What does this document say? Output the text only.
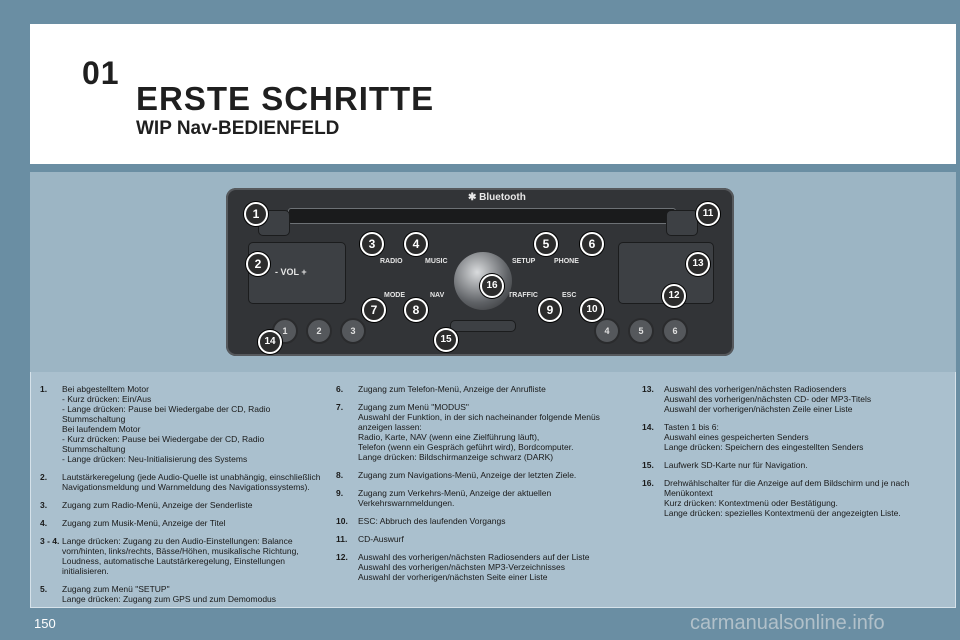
01
ERSTE SCHRITTE
WIP Nav-BEDIENFELD
✱ Bluetooth
- VOL +
RADIO	MUSIC	SETUP	PHONE
MODE	NAV	TRAFFIC	ESC
1	2	3	4	5	6
1
2
3	4	5	6
7	8	9	10
11
12
13
14	15
16
1.	Bei abgestelltem Motor
- Kurz drücken: Ein/Aus
- Lange drücken: Pause bei Wiedergabe der CD, Radio Stummschaltung
Bei laufendem Motor
- Kurz drücken: Pause bei Wiedergabe der CD, Radio Stummschaltung
- Lange drücken: Neu-Initialisierung des Systems
2.	Lautstärkeregelung (jede Audio-Quelle ist unabhängig, einschließlich Navigationsmeldung und Warnmeldung des Navigationssystems).
3.	Zugang zum Radio-Menü, Anzeige der Senderliste
4.	Zugang zum Musik-Menü, Anzeige der Titel
3 - 4. Lange drücken: Zugang zu den Audio-Einstellungen: Balance vorn/hinten, links/rechts, Bässe/Höhen, musikalische Richtung, Loudness, automatische Lautstärkeregelung, Einstellungen initialisieren.
5.	Zugang zum Menü "SETUP"
Lange drücken: Zugang zum GPS und zum Demomodus
6.	Zugang zum Telefon-Menü, Anzeige der Anrufliste
7.	Zugang zum Menü "MODUS"
Auswahl der Funktion, in der sich nacheinander folgende Menüs anzeigen lassen:
Radio, Karte, NAV (wenn eine Zielführung läuft),
Telefon (wenn ein Gespräch geführt wird), Bordcomputer.
Lange drücken: Bildschirmanzeige schwarz (DARK)
8.	Zugang zum Navigations-Menü, Anzeige der letzten Ziele.
9.	Zugang zum Verkehrs-Menü, Anzeige der aktuellen Verkehrswarnmeldungen.
10.	ESC: Abbruch des laufenden Vorgangs
11.	CD-Auswurf
12.	Auswahl des vorherigen/nächsten Radiosenders auf der Liste
Auswahl des vorherigen/nächsten MP3-Verzeichnisses
Auswahl der vorherigen/nächsten Seite einer Liste
13.	Auswahl des vorherigen/nächsten Radiosenders
Auswahl des vorherigen/nächsten CD- oder MP3-Titels
Auswahl der vorherigen/nächsten Zeile einer Liste
14.	Tasten 1 bis 6:
Auswahl eines gespeicherten Senders
Lange drücken: Speichern des eingestellten Senders
15.	Laufwerk SD-Karte nur für Navigation.
16.	Drehwählschalter für die Anzeige auf dem Bildschirm und je nach Menükontext
Kurz drücken: Kontextmenü oder Bestätigung.
Lange drücken: spezielles Kontextmenü der angezeigten Liste.
150	carmanualsonline.info
